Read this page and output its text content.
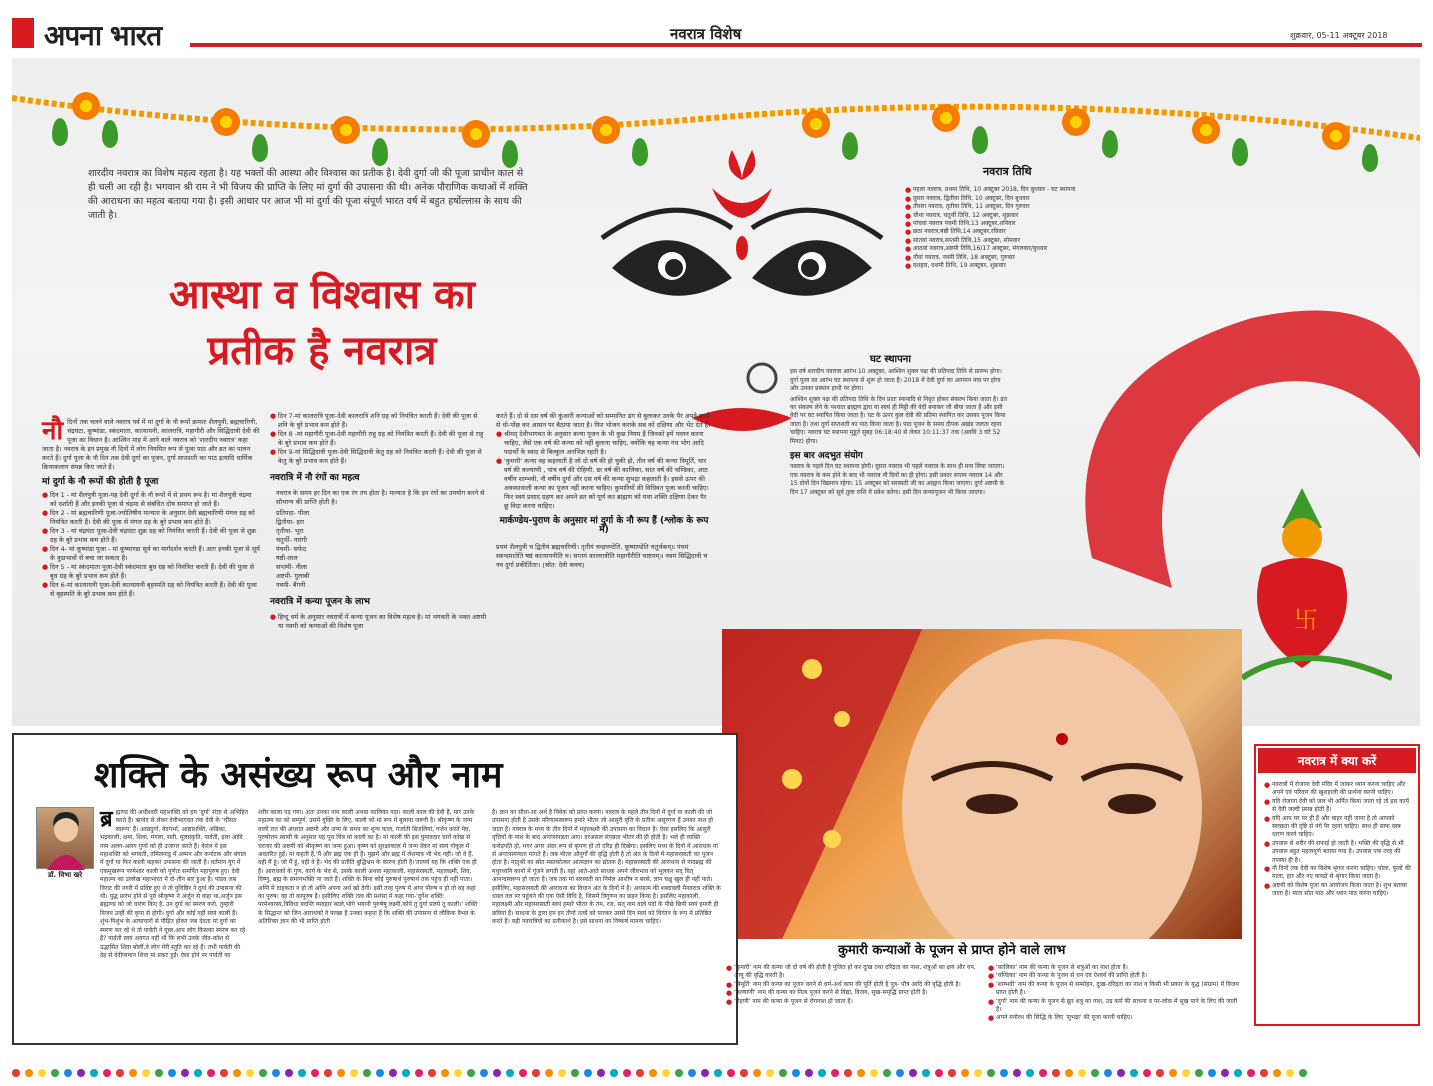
अपना भारत	नवरात्र विशेष	शुक्रवार, 05-11 अक्टूबर 2018
卐
शारदीय नवरात्र का विशेष महत्व रहता है। यह भक्तों की आस्था और विश्वास का प्रतीक है। देवी दुर्गा जी की पूजा प्राचीन काल से ही चली आ रही है। भगवान श्री राम ने भी विजय की प्राप्ति के लिए मां दुर्गा की उपासना की थी। अनेक पौराणिक कथाओं में शक्ति की आराधना का महत्व बताया गया है। इसी आधार पर आज भी मां दुर्गा की पूजा संपूर्ण भारत वर्ष में बहुत हर्षोल्लास के साथ की जाती है।
आस्था व विश्वास का
प्रतीक है नवरात्र
नौ दिनों तक चलने वाले नवरात्र पर्व में मां दुर्गा के नौ रूपों क्रमशः शैलपुत्री, ब्रह्मचारिणी, चंद्रघंटा, कूष्मांडा, स्कंदमाता, कात्यायनी, कालरात्रि, महागौरी और सिद्धिदात्री देवी की पूजा का विधान है। आश्विन माह में आने वाले नवरात्र को 'शारदीय नवरात्र' कहा जाता है। नवरात्र के इन प्रमुख नौ दिनों में लोग नियमित रूप से पूजा पाठ और व्रत का पालन करते हैं। दुर्गा पूजा के नौ दिन तक देवी दुर्गा का पूजन, दुर्गा सप्तशती का पाठ इत्यादि धार्मिक क्रियाकलाप संपन्न किए जाते हैं।
मां दुर्गा के नौ रूपों की होती है पूजा
● दिन 1 - मां शैलपुत्री पूजा-यह देवी दुर्गा के नौ रूपों में से प्रथम रूप है। मां शैलपुत्री चंद्रमा को दर्शाती हैं और इनकी पूजा से चंद्रमा से संबंधित दोष समाप्त हो जाते हैं।
● दिन 2 - मां ब्रह्मचारिणी पूजा-ज्योतिषीय मान्यता के अनुसार देवी ब्रह्मचारिणी मंगल ग्रह को नियंत्रित करती हैं। देवी की पूजा से मंगल ग्रह के बुरे प्रभाव कम होते हैं।
● दिन 3 - मां चंद्रघंटा पूजा-देवी चंद्रघंटा शुक्र ग्रह को नियंत्रित करती हैं। देवी की पूजा से शुक्र ग्रह के बुरे प्रभाव कम होते हैं।
● दिन 4- मां कूष्मांडा पूजा - मां कूष्माण्डा सूर्य का मार्गदर्शन करती हैं। अतः इनकी पूजा से सूर्य के कुप्रभावों से बचा जा सकता है।
● दिन 5 - मां स्कंदमाता पूजा-देवी स्कंदमाता बुध ग्रह को नियंत्रित करती हैं। देवी की पूजा से बुध ग्रह के बुरे प्रभाव कम होते हैं।
● दिन 6-मां कात्यायनी पूजा-देवी कात्यायनी बृहस्पति ग्रह को नियंत्रित करती हैं। देवी की पूजा से बृहस्पति के बुरे प्रभाव कम होते हैं।
● दिन 7-मां कालरात्रि पूजा-देवी कालरात्रि शनि ग्रह को नियंत्रित करती हैं। देवी की पूजा से शनि के बुरे प्रभाव कम होते हैं।
● दिन 8 -मां महागौरी पूजा-देवी महागौरी राहु ग्रह को नियंत्रित करती हैं। देवी की पूजा से राहु के बुरे प्रभाव कम होते हैं।
● दिन 9-मां सिद्धिदात्री पूजा-देवी सिद्धिदात्री केतु ग्रह को नियंत्रित करती हैं। देवी की पूजा से केतु के बुरे प्रभाव कम होते हैं।
नवरात्रि में नौ रंगों का महत्व
नवरात्र के समय हर दिन का एक रंग तय होता है। मान्यता है कि इन रंगों का उपयोग करने से सौभाग्य की प्राप्ति होती है।
प्रतिपदा- पीला
द्वितीया- हरा
तृतीया- भूरा
चतुर्थी- नारंगी
पंचमी- सफेद
षष्ठी-लाल
सप्तमी- नीला
अष्टमी- गुलाबी
नवमी- बैंगनी
नवरात्रि में कन्या पूजन के लाभ
● हिन्दू धर्म के अनुसार नवरात्रों में कन्या पूजन का विशेष महत्व है। मां भगवती के भक्त अष्टमी या नवमी को कन्याओं की विशेष पूजा
करते हैं। दो से दस वर्ष की कुंआरी कन्याओं को सम्मानित ढंग से बुलाकर उनके पैर अपने हाथों से धो-पोंछ कर आसन पर बैठाया जाता है। फिर भोजन कराके सब को दक्षिणा और भेंट देते हैं।
● श्रीमद् देवीभागवत के अनुसार कन्या पूजन के भी कुछ नियम हैं जिनको हमें पालन करना चाहिए, जैसे एक वर्ष की कन्या को नहीं बुलाना चाहिए, क्योंकि वह कन्या गंध भोग आदि पदार्थों के स्वाद से बिल्कुल अनभिज्ञ रहती है।
● 'कुमारी' कन्या वह कहलाती है जो दो वर्ष की हो चुकी हो, तीन वर्ष की कन्या त्रिमूर्ति, चार वर्ष की कल्याणी , पांच वर्ष की रोहिणी, छः वर्ष की कालिका, सात वर्ष की चण्डिका, आठ वर्षीय शाम्भवी, नौ वर्षीय दुर्गा और दस वर्ष की कन्या सुभद्रा कहलाती है। इससे ऊपर की अवस्थावाली कन्या का पूजन नहीं करना चाहिए। कुमारियों की विधिवत पूजा करनी चाहिए। फिर स्वयं प्रसाद ग्रहण कर अपने व्रत को पूर्ण कर ब्राह्मण को यथा शक्ति दक्षिणा देकर पैर छू विदा करना चाहिए।
मार्कण्डेय-पुराण के अनुसार मां दुर्गा के नौ रूप हैं (श्लोक के रूप में)
प्रथमं शैलपुत्री च द्वितीयं ब्रह्मचारिणी। तृतीयं चन्द्रघण्टेति, कूष्माण्डेति चतुर्थकम्॥ पंचमं स्कन्दमातेति षष्ठं कात्यायनीति च। सप्तमं कालरात्रीति महागौरीति चाष्टमम्॥ नवमं सिद्धिदात्री च नव दुर्गा प्रकीर्तिताः। (स्रोत: देवी कवच)
नवरात्र तिथि
● पहला नवरात्र, प्रथमा तिथि, 10 अक्टूबर 2018, दिन बुधवार - घट स्थापना
● दूसरा नवरात्र, द्वितीया तिथि, 10 अक्टूबर, दिन बुधवार
● तीसरा नवरात्र, तृतीया तिथि, 11 अक्टूबर, दिन गुरुवार
● चौथा नवरात्र, चतुर्थी तिथि, 12 अक्टूबर, शुक्रवार
● पांचवां नवरात्र पंचमी तिथि,13 अक्टूबर,शनिवार
● छठा नवरात्र,षष्ठी तिथि,14 अक्टूबर,रविवार
● सातवां नवरात्र,सप्तमी तिथि,15 अक्टूबर, सोमवार
● आठवां नवरात्र,अष्टमी तिथि,16/17 अक्टूबर, मंगलवार/बुधवार
● नौवां नवरात्र, नवमी तिथि, 18 अक्टूबर, गुरुवार
● दशहरा, दशमी तिथि, 19 अक्टूबर, शुक्रवार
घट स्थापना
इस वर्ष शारदीय नवरात्रा आरंभ 10 अक्टूबर, आश्विन शुक्ल पक्ष की प्रतिपदा तिथि से प्रारम्भ होगा। दुर्गा पूजा का आरंभ घट स्थापना से शुरू हो जाता है। 2018 में देवी दुर्गा का आगमन नाव पर होगा और उनका प्रस्थान हाथी पर होगा।
आश्विन शुक्ल पक्ष की प्रतिपदा तिथि के दिन प्रातः स्नानादि से निवृत होकर संकल्प किया जाता है। व्रत का संकल्प लेने के पश्चात ब्राह्मण द्वारा या स्वयं ही मिट्टी की वेदी बनाकर जौ बौया जाता है और इसी वेदी पर घट स्थापित किया जाता है। घट के ऊपर कुल देवी की प्रतिमा स्थापित कर उसका पूजन किया जाता है। तथा दुर्गा सप्तशती का पाठ किया जाता है। पाठ पूजन के समय दीपक अखंड जलता रहना चाहिए। नवरात्र घट स्थापना मुहूर्त सुबह 06:18:40 से लेकर 10:11:37 तक (अवधि 3 घंटे 52 मिनट) होगा।
इस बार अदभुत संयोग
नवरात्र के पहले दिन घट स्थापना होगी। दूसरा नवरात्र भी पहले नवरात्र के साथ ही मना लिया जाएगा। एक नवरात्र के कम होने के बाद भी नवरात्र नौ दिनों का ही होगा। इसी प्रकार सप्तम नवरात्र 14 और 15 दोनों दिन विद्यमान रहेगा। 15 अक्टूबर को सरस्वती जी का आह्वान किया जाएगा। दुर्गा अष्टमी के दिन 17 अक्टूबर को सूर्य तुला राशि में प्रवेश करेगा। इसी दिन कन्यापूजन भी किया जाएगा।
शक्ति के असंख्य रूप और नाम
डॉ. विभा खरे
ब्र ह्माण्ड की अधीश्वरी महाशक्ति को हम 'दुर्गा' संज्ञा से अभिहित करते हैं। ऋग्वेद से लेकर देवीभागवत तक देवी के 'चौंसठ स्वरूप' हैं। आद्यदुर्गा, वेदगर्भा, आद्याशक्ति, अंबिका, भद्रकाली, क्षमा, शिवा, मंगला, सती, मूलप्रकृति, पार्वती, इला आदि नाम अलग-अलग गुणों को ही उजागर करते हैं। केरल में इस महाशक्ति को भगवती, तमिलनाडु में अम्मन और कर्नाटक और बंगाल में दुर्गा या फिर काली कहकर उपासना की जाती है। वर्तमान युग में एकमुखरूप परमेश्वर काली को पूर्णतः समर्पित महापुरुष हुए। देवी महात्म्य का उल्लेख महाभारत में दो-तीन बार हुआ है। पांडव जब विराट की नगरी में प्रविष्ट हुए थे तो युधिष्ठिर ने दुर्गा की उपासना की थी। युद्ध प्रारंभ होने से पूर्व श्रीकृष्ण ने अर्जुन से कहा था,अर्जुन इस ब्रह्माण्ड को जो धारण किए है, उन दुर्गा का स्मरण करो, तुम्हारी विजय उन्हीं की कृपा से होगी। दुर्गा और कोई नहीं स्वयं काली हैं। शुंभ-निशुंभ के अत्याचारों से पीड़ित होकर जब देवता मां दुर्गा का स्मरण कर रहे थे तो पार्वती ने पूछा,आप लोग किसका स्मरण कर रहे हैं? पार्वती स्वयं अवगत नहीं थीं कि सभी उनके जीव-कोश से उद्भासित शिवा बोलीं,वे लोग मेरी स्तुति कर रहे हैं। तभी पार्वती की देह से देदीप्यमान शिवा मां प्रकट हुईं। ऐसा होने पर पार्वती का
शरीर काला पड़ गया। अतः उनका नाम काली अथवा कालिका पड़ा। काली काल की देवी हैं, मार उनके महात्म्य का को सम्पूर्ण, उसमें युक्ति के लिए, काली को मां रूप में बुलाना जरूरी है। श्रीकृष्ण के जन्म वाली रात की अंधरात अष्टमी और जन्म के समय का शून्य काल, गर्जाती बिजलियां, गर्जन करते मेघ, पुरुषोत्तम स्वामी के अनुसार यह पूरा चित्र मां काली का है। मां काली की इस घुमावदार चारों कोख से चराचर की अष्टमी को श्रीकृष्ण का जन्म हुआ। कृष्ण को सुरक्षाकाल में जन्म देकर मां स्वयं गोकुल में अवतरित हुईं। मां कहती हैं,'मैं और ब्रह्म एक ही हैं। मुझमें और ब्रह्म में लेशमात्र भी भेद नहीं। जो वे हैं, वही मैं हूं। जो मैं हूं, वही वे हैं। भेद की प्रतीति बुद्धिभ्रम के कारण होती है।'तात्पर्य यह कि शक्ति एक ही है। आराधकों के गुण, कार्य के भेद से, उसके काली अथवा महाकाली, महासरस्वती, महालक्ष्मी, शिव, विष्णु, ब्रह्म के समानभक्ति पा जाते हैं। शक्ति के बिना कोई पुरुषार्थ पुरुषार्थ तक पहुंच ही नहीं पाता। अग्नि में दाहकता न हो तो अग्नि अपना अर्थ खो देगी। इसी तरह पुरुष में अगर पौरुष न हो तो वह कहां का पुरुष। वह तो कापुरुष है। इसीलिए शक्ति तत्व की प्रशंसा में कहा गया-'दुर्गेश शक्ति: परमेश्वरस्य,त्रिविधा वदन्ति व्यवहार काले,भोगे भवानी पुरुषेषु लक्ष्मी,कोपे तु दुर्गा प्रलये तु काली।' शक्ति के सिद्धान्त को जिन आराधकों ने परखा है उनका कहना है कि शक्ति की उपासना से लौकिक वैभव के अतिरिक्त ज्ञान की भी प्राप्ति होती
है। ज्ञान का सीधा-सा अर्थ है विवेक को प्राप्त करना। नवरात्र के पहले तीन दिनों में दुर्गा या काली की जो उपासना होती है उसके परिणामस्वरूप हमारे भीतर जो आसुरी वृत्ति के प्रतीक असुरगण हैं उनका नाश हो जाता है। नवरात्र के मध्य के तीन दिनों में महालक्ष्मी की उपासना का विधान है। ऐसा इसलिए कि आसुरी वृत्तियों के नाश के बाद अन्तःसंपन्नता आए। दरअसल संपन्नता भीतर की ही होती है। भले ही व्यक्ति करोड़पति हो, मगर अगर अंदर रूप से कृपण हो तो दरिद्र ही दिखेगा। इसलिए मध्य के दिनों में आराधक मां से अन्तःसमन्वता मांगते हैं। जब भीतर औनुर्गों की वृद्धि होती है तो अंत के दिनों में महासरस्वती का पूजन होता है। मातृश्री का स्रोत मस्तकोत्कर आत्मज्ञान का द्योतक है। महासरस्वती की आराधना से नादब्रह्म की मधुरध्वनि कानों में गूंजने लगती है। यहां आते-आते साधक अपने जीवभाव को भूलकर सद् चित् आनन्दस्वरूप हो जाता है। जब तक मां सरस्वती का निर्मल आशीष न बरसे, ज्ञान चक्षु खुल ही नहीं पाते। इसीलिए, महासरस्वती की आराधना का विधान अंत के दिनों में है। अध्यात्म की शब्दावली मैनवरात्र शक्ति के धवल तल पर पहुंचने की एक ऐसी विधि है, जिसमें त्रिगुणन का छहन किया है। इसलिए महाकाली, महालक्ष्मी और महासरस्वती स्वयं हमारे भीतर के तम, रज, सत् नाम वाले पदों के पीछे छिपी स्वयं हमारी ही छवियां हैं। साधना के द्वारा हम इन तीनों तत्वों को पारकर उससे दिन स्वयं को चिरंतन के रूप में प्रतिष्ठित करते हैं। यही नवरात्रियों का प्रतीकार्थ है। इसे साधना का निष्कर्ष मानना चाहिए।
कुमारी कन्याओं के पूजन से प्राप्त होने वाले लाभ
● 'कुमारी' नाम की कन्या जो दो वर्ष की होती है पूजित हो कर दुःख तथा दरिद्रता का नाश, शत्रुओं का क्षय और धन, आयु की वृद्धि करती है।
● 'त्रिमूर्ति' नाम की कन्या का पूजन करने से धर्म-अर्थ काम की पूर्ति होती है पुत्र- पौत्र आदि की वृद्धि होती है।
● 'कल्याणी' नाम की कन्या का नित्य पूजन करने से विद्या, विजय, सुख-समृद्धि प्राप्त होती है।
● 'रोहणी' नाम की कन्या के पूजन से रोगनाश हो जाता है।
● 'कालिका' नाम की कन्या के पूजन से शत्रुओं का नाश होता है।
● 'चण्डिका' नाम की कन्या के पूजन से धन एवं ऐश्वर्य की प्राप्ति होती है।
● 'शाम्भवी' नाम की कन्या के पूजन से सम्मोहन, दुःख-दरिद्रता का नाश व किसी भी प्रकार के युद्ध (संग्राम) में विजय प्राप्त होती है।
● 'दुर्गा' नाम की कन्या के पूजन से क्रूर शत्रु का नाश, उग्र कर्म की साधना व पर-लोक में सुख पाने के लिए की जाती है।
● अपने मनोरथ की सिद्धि के लिए 'सुभद्रा' की पूजा करनी चाहिए।
नवरात्र में क्या करें
● नवरात्रों में रोजाना देवी मंदिर में जाकर ध्यान करना चाहिए और अपने एवं परिवार की खुशहाली की प्रार्थना करनी चाहिए।
● यदि रोजाना देवी को जल भी अर्पित किया जाता रहे तो इस कार्य से देवी जल्दी प्रसन्न होती हैं।
● यदि आप घर पर ही हैं और बाहर नहीं जाना है तो आपको स्वच्छता की दृष्टि से नंगे पैर रहना चाहिए। साथ ही साफ वस्त्र धारण करने चाहिए।
● उपवास से शरीर की सफाई हो जाती है। भक्ति की वृद्धि से भी उपवास बहुत महत्वपूर्ण बताया गया है। उपवास एक तरह की तपस्या ही है।
● नौ दिनों तक देवी का विशेष श्रृंगार करना चाहिए। चोला, फूलों की माला, हार और नए कपड़ों से श्रृंगार किया जाता है।
● अष्टमी को विशेष पूजा का आयोजन किया जाता है। शुभ बताया जाता है। माता सोत पाठ और ध्यान पाठ करना चाहिए।
